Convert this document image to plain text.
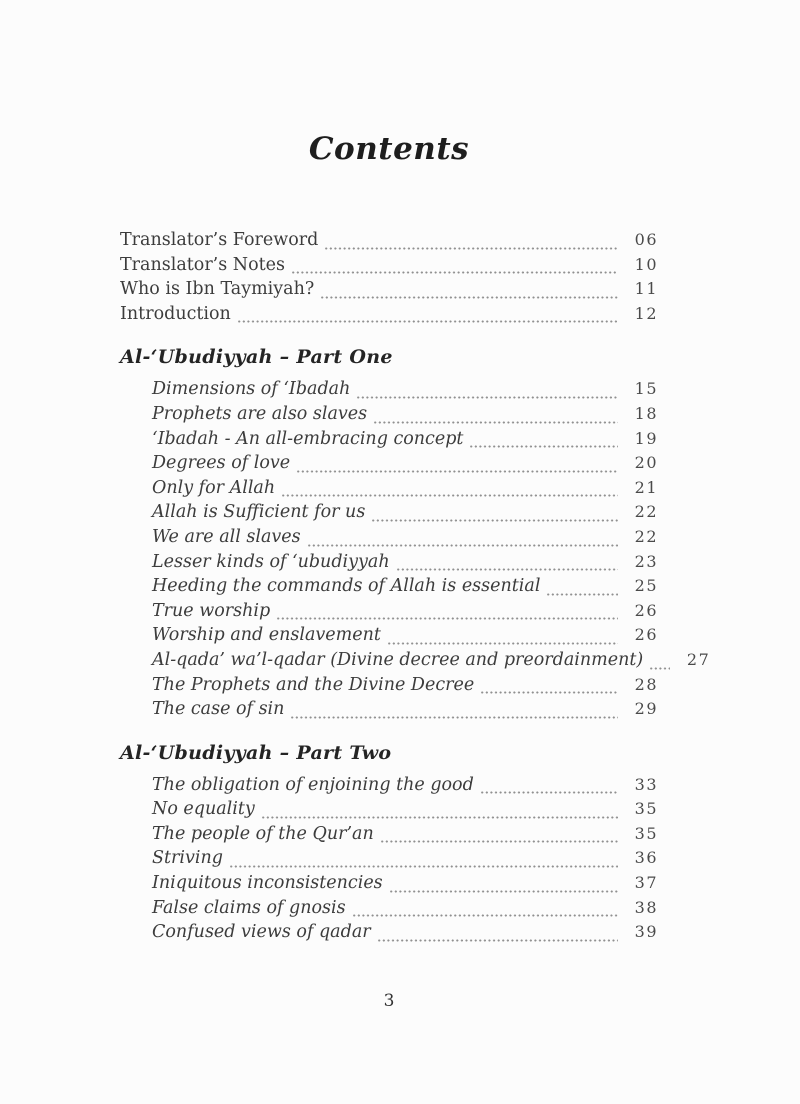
Contents
Translator’s Foreword	06
Translator’s Notes	10
Who is Ibn Taymiyah?	11
Introduction	12
Al-‘Ubudiyyah – Part One
Dimensions of ‘Ibadah	15
Prophets are also slaves	18
‘Ibadah - An all-embracing concept	19
Degrees of love	20
Only for Allah	21
Allah is Sufficient for us	22
We are all slaves	22
Lesser kinds of ‘ubudiyyah	23
Heeding the commands of Allah is essential	25
True worship	26
Worship and enslavement	26
Al-qada’ wa’l-qadar (Divine decree and preordainment)	27
The Prophets and the Divine Decree	28
The case of sin	29
Al-‘Ubudiyyah – Part Two
The obligation of enjoining the good	33
No equality	35
The people of the Qur’an	35
Striving	36
Iniquitous inconsistencies	37
False claims of gnosis	38
Confused views of qadar	39
3
